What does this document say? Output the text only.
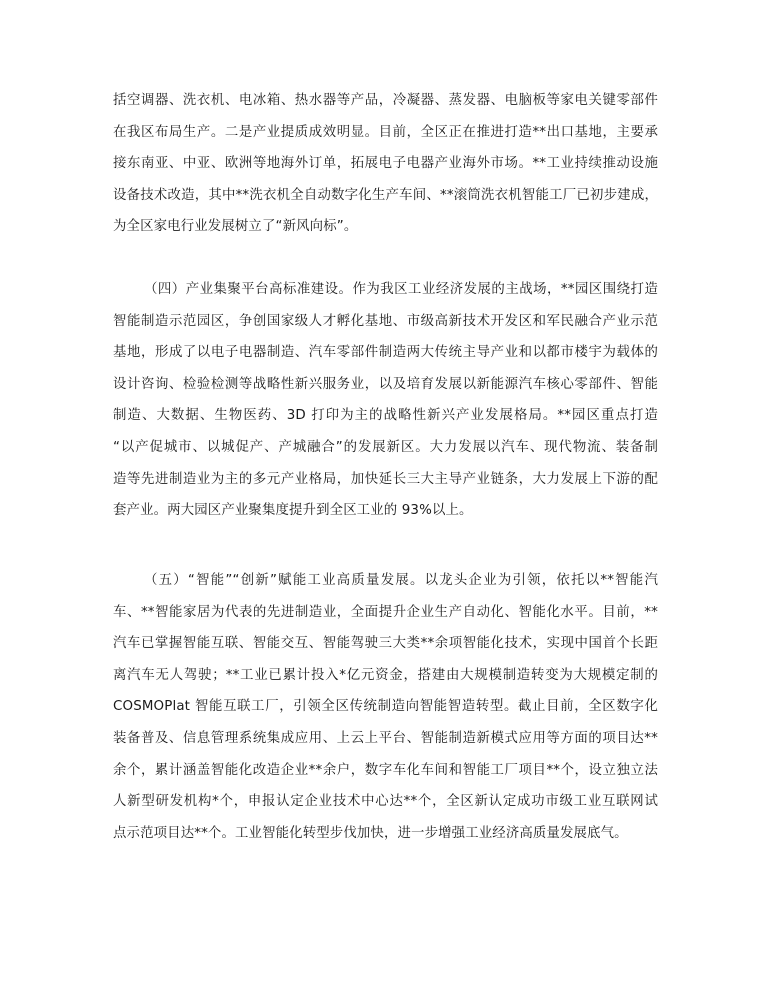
括空调器、洗衣机、电冰箱、热水器等产品，冷凝器、蒸发器、电脑板等家电关键零部件
在我区布局生产。二是产业提质成效明显。目前，全区正在推进打造**出口基地，主要承
接东南亚、中亚、欧洲等地海外订单，拓展电子电器产业海外市场。**工业持续推动设施
设备技术改造，其中**洗衣机全自动数字化生产车间、**滚筒洗衣机智能工厂已初步建成，
为全区家电行业发展树立了“新风向标”。
（四）产业集聚平台高标准建设。作为我区工业经济发展的主战场，**园区围绕打造
智能制造示范园区，争创国家级人才孵化基地、市级高新技术开发区和军民融合产业示范
基地，形成了以电子电器制造、汽车零部件制造两大传统主导产业和以都市楼宇为载体的
设计咨询、检验检测等战略性新兴服务业，以及培育发展以新能源汽车核心零部件、智能
制造、大数据、生物医药、3D 打印为主的战略性新兴产业发展格局。**园区重点打造
“以产促城市、以城促产、产城融合”的发展新区。大力发展以汽车、现代物流、装备制
造等先进制造业为主的多元产业格局，加快延长三大主导产业链条，大力发展上下游的配
套产业。两大园区产业聚集度提升到全区工业的 93%以上。
（五）“智能”“创新”赋能工业高质量发展。以龙头企业为引领，依托以**智能汽
车、**智能家居为代表的先进制造业，全面提升企业生产自动化、智能化水平。目前，**
汽车已掌握智能互联、智能交互、智能驾驶三大类**余项智能化技术，实现中国首个长距
离汽车无人驾驶；**工业已累计投入*亿元资金，搭建由大规模制造转变为大规模定制的
COSMOPlat 智能互联工厂，引领全区传统制造向智能智造转型。截止目前，全区数字化
装备普及、信息管理系统集成应用、上云上平台、智能制造新模式应用等方面的项目达**
余个，累计涵盖智能化改造企业**余户，数字车化车间和智能工厂项目**个，设立独立法
人新型研发机构*个，申报认定企业技术中心达**个，全区新认定成功市级工业互联网试
点示范项目达**个。工业智能化转型步伐加快，进一步增强工业经济高质量发展底气。
